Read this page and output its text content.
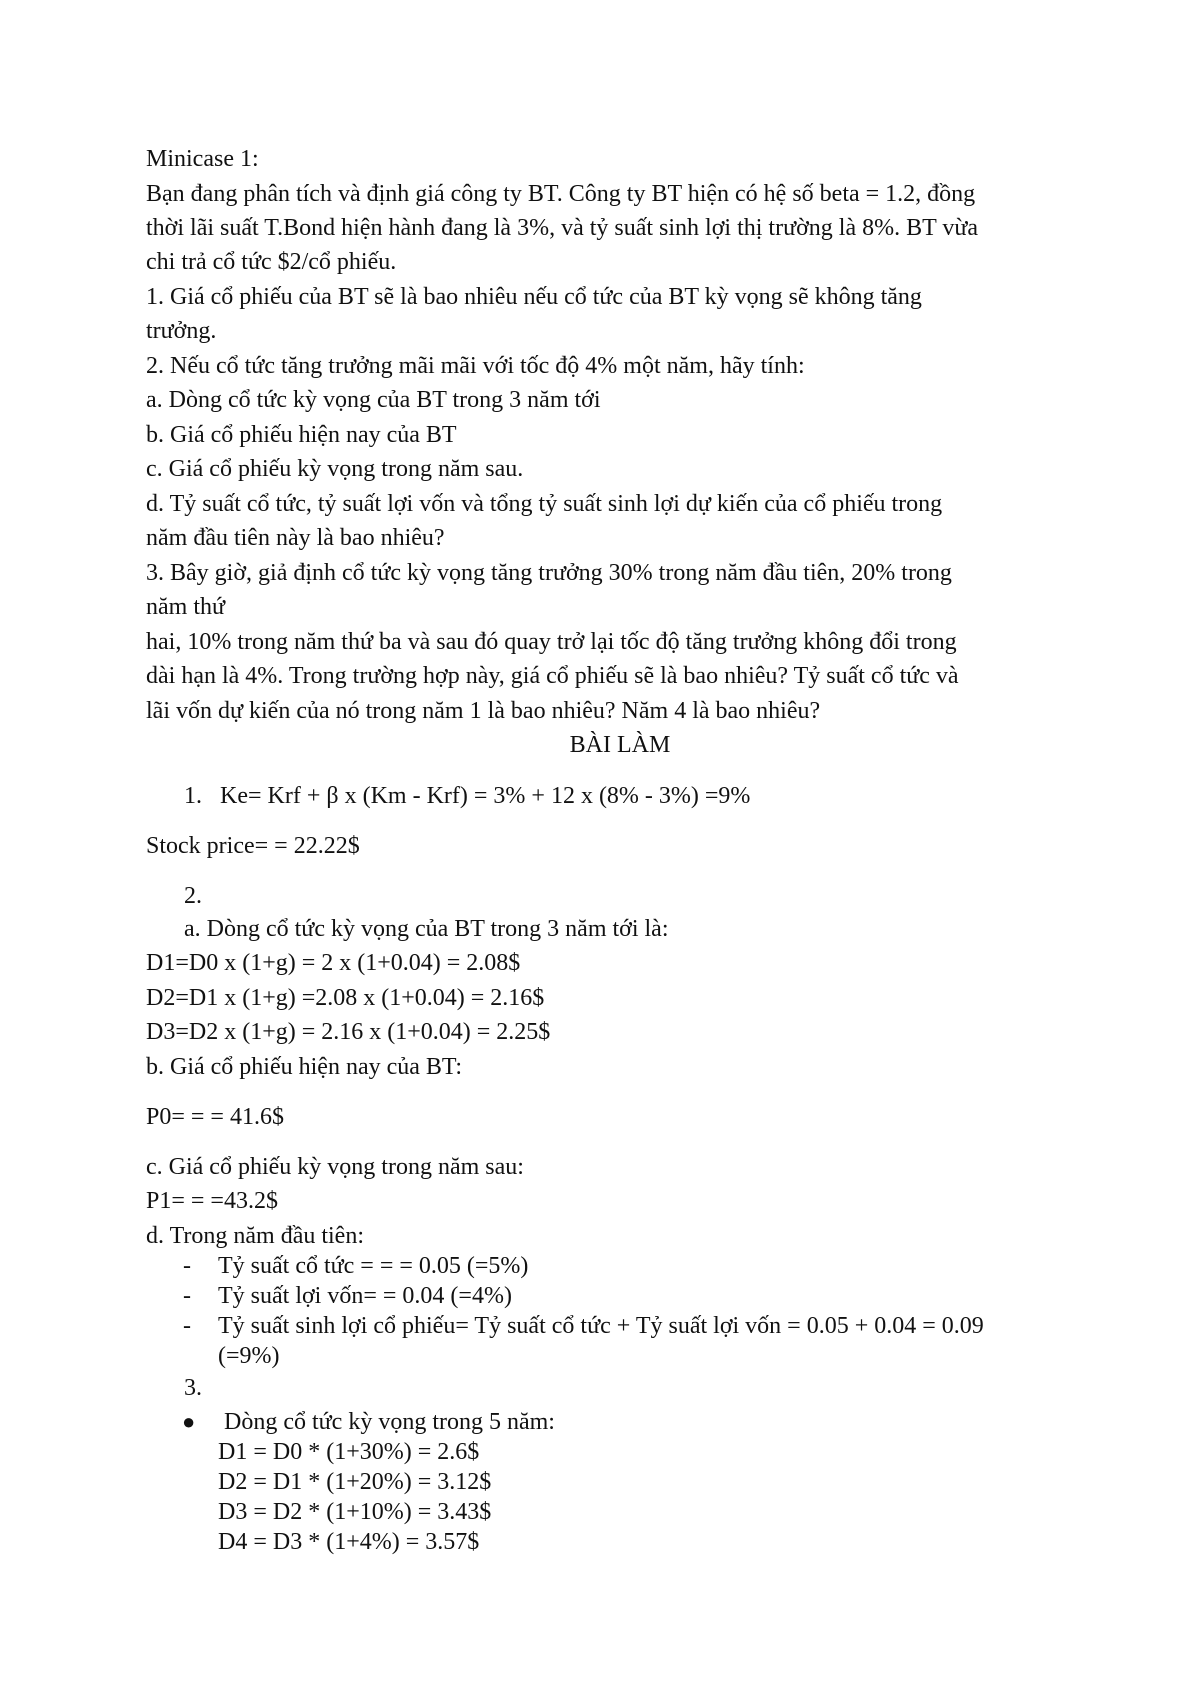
Minicase 1:
Bạn đang phân tích và định giá công ty BT. Công ty BT hiện có hệ số beta = 1.2, đồng
thời lãi suất T.Bond hiện hành đang là 3%, và tỷ suất sinh lợi thị trường là 8%. BT vừa
chi trả cổ tức $2/cổ phiếu.
1. Giá cổ phiếu của BT sẽ là bao nhiêu nếu cổ tức của BT kỳ vọng sẽ không tăng
trưởng.
2. Nếu cổ tức tăng trưởng mãi mãi với tốc độ 4% một năm, hãy tính:
a. Dòng cổ tức kỳ vọng của BT trong 3 năm tới
b. Giá cổ phiếu hiện nay của BT
c. Giá cổ phiếu kỳ vọng trong năm sau.
d. Tỷ suất cổ tức, tỷ suất lợi vốn và tổng tỷ suất sinh lợi dự kiến của cổ phiếu trong
năm đầu tiên này là bao nhiêu?
3. Bây giờ, giả định cổ tức kỳ vọng tăng trưởng 30% trong năm đầu tiên, 20% trong
năm thứ
hai, 10% trong năm thứ ba và sau đó quay trở lại tốc độ tăng trưởng không đổi trong
dài hạn là 4%. Trong trường hợp này, giá cổ phiếu sẽ là bao nhiêu? Tỷ suất cổ tức và
lãi vốn dự kiến của nó trong năm 1 là bao nhiêu? Năm 4 là bao nhiêu?
BÀI LÀM
1. Ke= Krf + β x (Km - Krf) = 3% + 12 x (8% - 3%) =9%
Stock price= = 22.22$
2.
a. Dòng cổ tức kỳ vọng của BT trong 3 năm tới là:
D1=D0 x (1+g) = 2 x (1+0.04) = 2.08$
D2=D1 x (1+g) =2.08 x (1+0.04) = 2.16$
D3=D2 x (1+g) = 2.16 x (1+0.04) = 2.25$
b. Giá cổ phiếu hiện nay của BT:
P0= = = 41.6$
c. Giá cổ phiếu kỳ vọng trong năm sau:
P1= = =43.2$
d. Trong năm đầu tiên:
- Tỷ suất cổ tức = = = 0.05 (=5%)
- Tỷ suất lợi vốn= = 0.04 (=4%)
- Tỷ suất sinh lợi cổ phiếu= Tỷ suất cổ tức + Tỷ suất lợi vốn = 0.05 + 0.04 = 0.09
(=9%)
3.
● Dòng cổ tức kỳ vọng trong 5 năm:
D1 = D0 * (1+30%) = 2.6$
D2 = D1 * (1+20%) = 3.12$
D3 = D2 * (1+10%) = 3.43$
D4 = D3 * (1+4%) = 3.57$
